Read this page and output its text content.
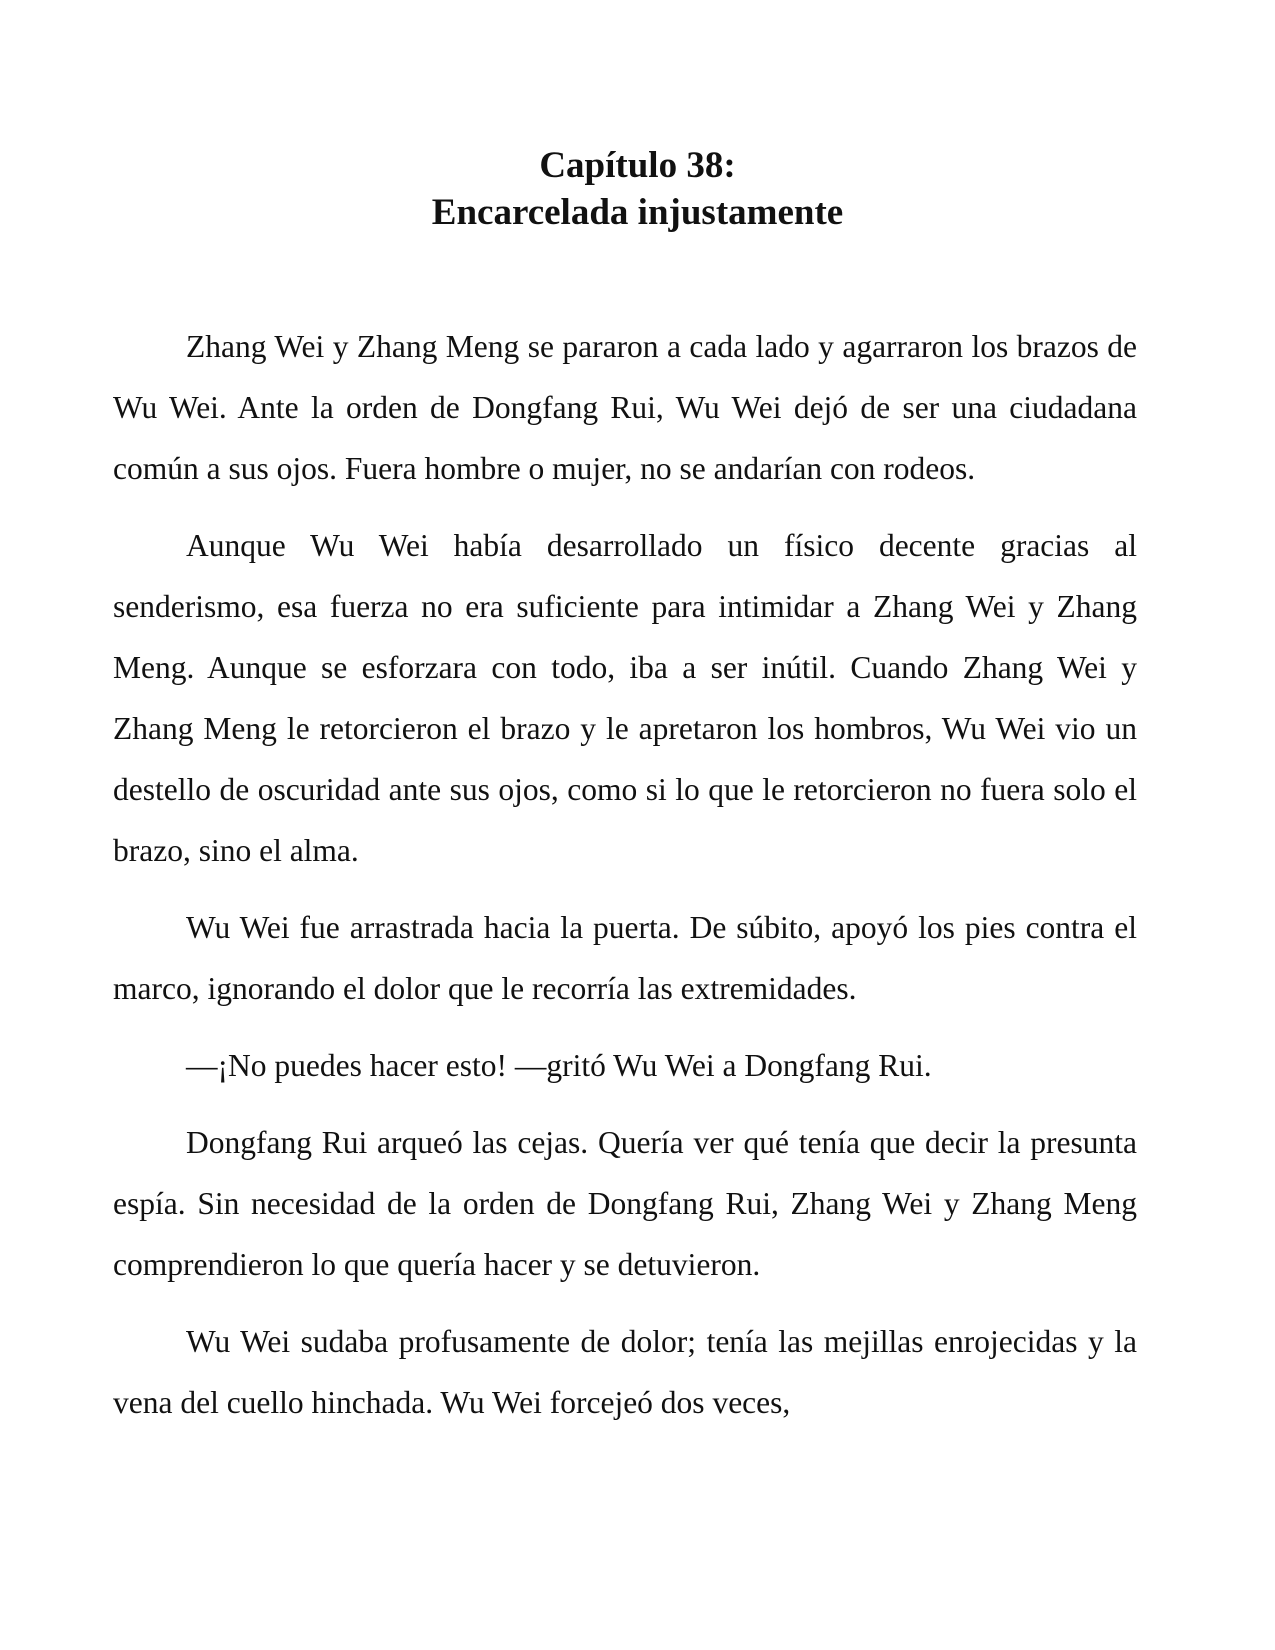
Capítulo 38:
Encarcelada injustamente

Zhang Wei y Zhang Meng se pararon a cada lado y agarraron los brazos de Wu Wei. Ante la orden de Dongfang Rui, Wu Wei dejó de ser una ciudadana común a sus ojos. Fuera hombre o mujer, no se andarían con rodeos.

Aunque Wu Wei había desarrollado un físico decente gracias al senderismo, esa fuerza no era suficiente para intimidar a Zhang Wei y Zhang Meng. Aunque se esforzara con todo, iba a ser inútil. Cuando Zhang Wei y Zhang Meng le retorcieron el brazo y le apretaron los hombros, Wu Wei vio un destello de oscuridad ante sus ojos, como si lo que le retorcieron no fuera solo el brazo, sino el alma.

Wu Wei fue arrastrada hacia la puerta. De súbito, apoyó los pies contra el marco, ignorando el dolor que le recorría las extremidades.

—¡No puedes hacer esto! —gritó Wu Wei a Dongfang Rui.

Dongfang Rui arqueó las cejas. Quería ver qué tenía que decir la presunta espía. Sin necesidad de la orden de Dongfang Rui, Zhang Wei y Zhang Meng comprendieron lo que quería hacer y se detuvieron.

Wu Wei sudaba profusamente de dolor; tenía las mejillas enrojecidas y la vena del cuello hinchada. Wu Wei forcejeó dos veces,
